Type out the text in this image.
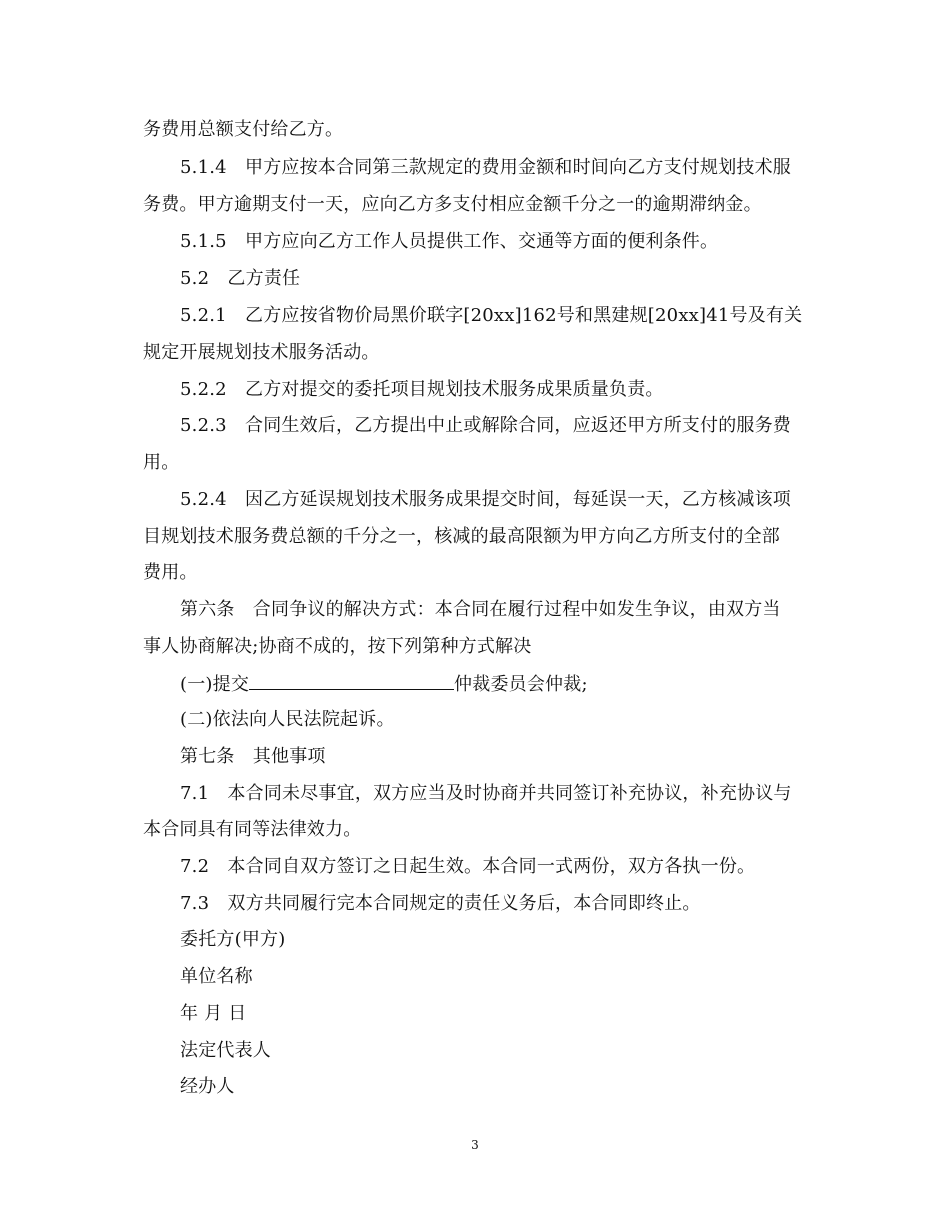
务费用总额支付给乙方。
5.1.4　甲方应按本合同第三款规定的费用金额和时间向乙方支付规划技术服
务费。甲方逾期支付一天，应向乙方多支付相应金额千分之一的逾期滞纳金。
5.1.5　甲方应向乙方工作人员提供工作、交通等方面的便利条件。
5.2　乙方责任
5.2.1　乙方应按省物价局黑价联字[20xx]162号和黑建规[20xx]41号及有关
规定开展规划技术服务活动。
5.2.2　乙方对提交的委托项目规划技术服务成果质量负责。
5.2.3　合同生效后，乙方提出中止或解除合同，应返还甲方所支付的服务费
用。
5.2.4　因乙方延误规划技术服务成果提交时间，每延误一天，乙方核减该项
目规划技术服务费总额的千分之一，核减的最高限额为甲方向乙方所支付的全部
费用。
第六条　合同争议的解决方式：本合同在履行过程中如发生争议，由双方当
事人协商解决;协商不成的，按下列第种方式解决
(一)提交	仲裁委员会仲裁;
(二)依法向人民法院起诉。
第七条　其他事项
7.1　本合同未尽事宜，双方应当及时协商并共同签订补充协议，补充协议与
本合同具有同等法律效力。
7.2　本合同自双方签订之日起生效。本合同一式两份，双方各执一份。
7.3　双方共同履行完本合同规定的责任义务后，本合同即终止。
委托方(甲方)
单位名称
年 月 日
法定代表人
经办人
3
